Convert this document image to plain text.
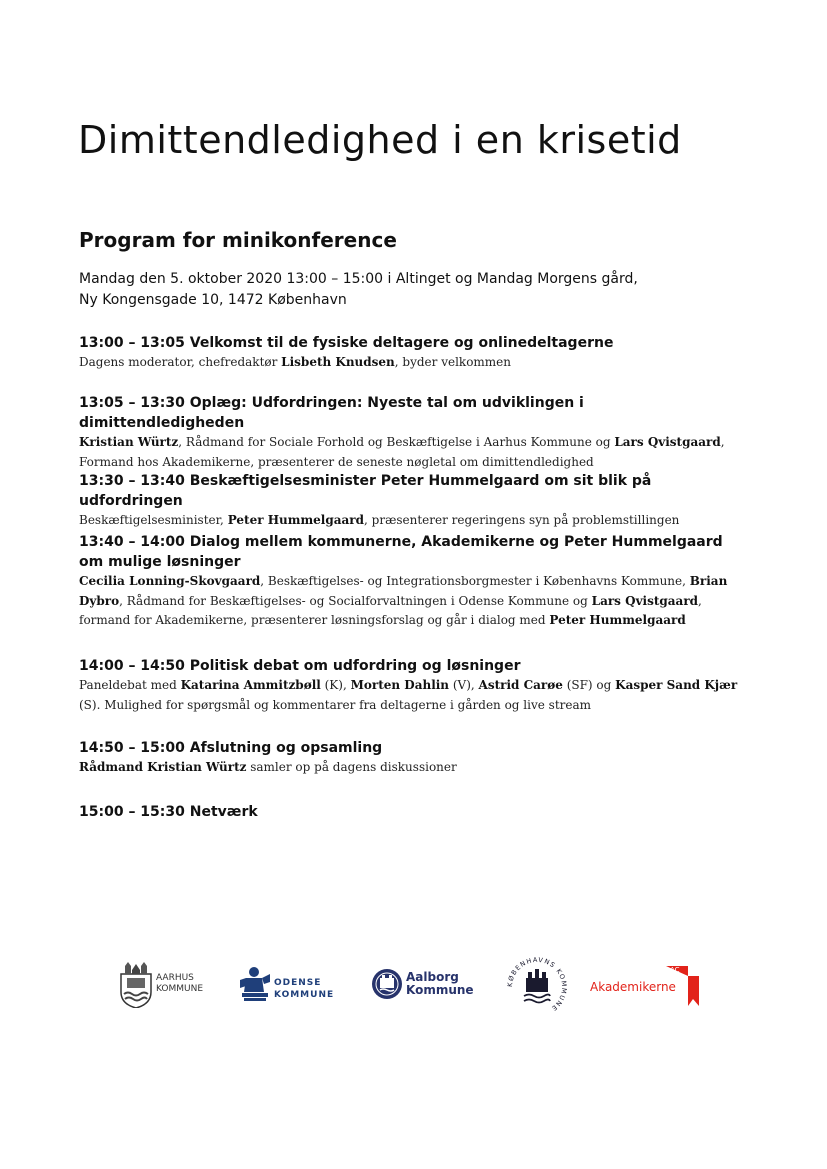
Dimittendledighed i en krisetid
Program for minikonference
Mandag den 5. oktober 2020 13:00 – 15:00 i Altinget og Mandag Morgens gård,
Ny Kongensgade 10, 1472 København

13:00 – 13:05 Velkomst til de fysiske deltagere og onlinedeltagerne

Dagens moderator, chefredaktør Lisbeth Knudsen, byder velkommen

13:05 – 13:30 Oplæg: Udfordringen: Nyeste tal om udviklingen i dimittendledigheden

Kristian Würtz, Rådmand for Sociale Forhold og Beskæftigelse i Aarhus Kommune og Lars Qvistgaard, Formand hos Akademikerne, præsenterer de seneste nøgletal om dimittendledighed

13:30 – 13:40 Beskæftigelsesminister Peter Hummelgaard om sit blik på udfordringen

Beskæftigelsesminister, Peter Hummelgaard, præsenterer regeringens syn på problemstillingen

13:40 – 14:00 Dialog mellem kommunerne, Akademikerne og Peter Hummelgaard om mulige løsninger

Cecilia Lonning-Skovgaard, Beskæftigelses- og Integrationsborgmester i Københavns Kommune, Brian Dybro, Rådmand for Beskæftigelses- og Socialforvaltningen i Odense Kommune og Lars Qvistgaard, formand for Akademikerne, præsenterer løsningsforslag og går i dialog med Peter Hummelgaard

14:00 – 14:50 Politisk debat om udfordring og løsninger

Paneldebat med Katarina Ammitzbøll (K), Morten Dahlin (V), Astrid Carøe (SF) og Kasper Sand Kjær (S). Mulighed for spørgsmål og kommentarer fra deltagerne i gården og live stream

14:50 – 15:00 Afslutning og opsamling

Rådmand Kristian Würtz samler op på dagens diskussioner

15:00 – 15:30 Netværk

AARHUS
KOMMUNE
ODENSE
KOMMUNE
Aalborg
Kommune	KØBENHAVNS KOMMUNE
Akademikerne
AC
